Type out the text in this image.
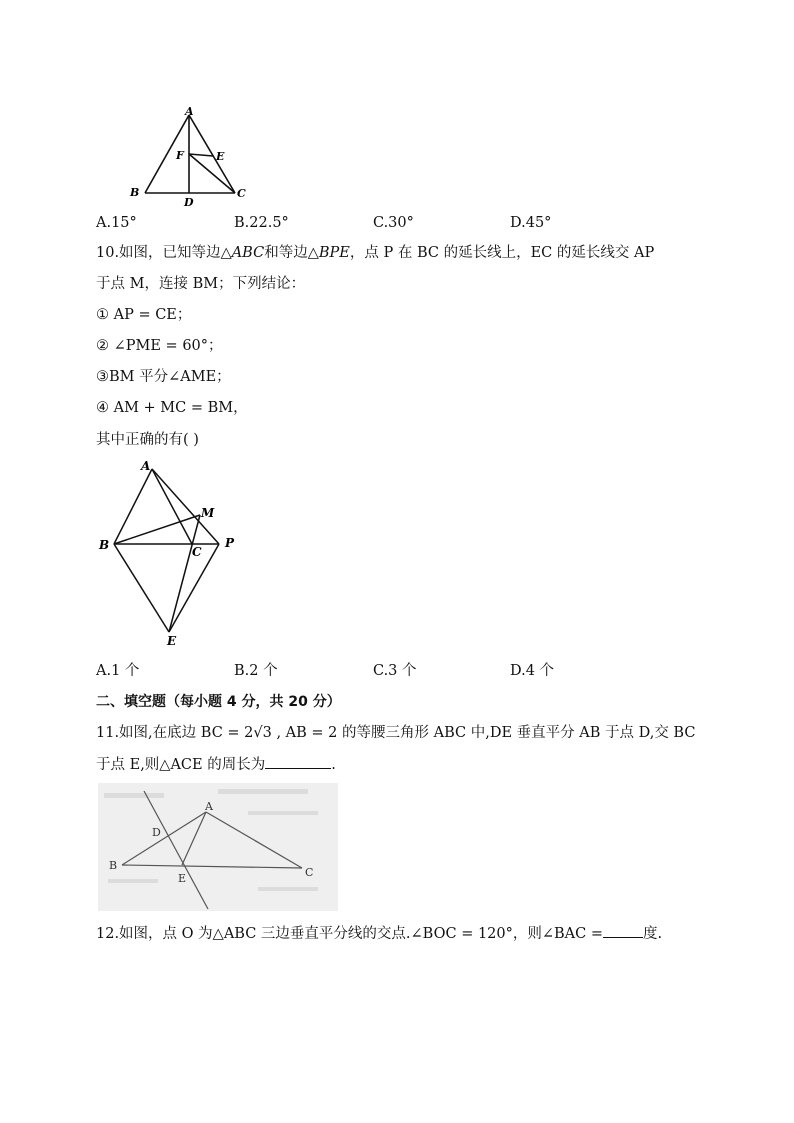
A
B	C
D
E
F
A.15°	B.22.5°	C.30°	D.45°
10.如图，已知等边△ABC和等边△BPE，点 P 在 BC 的延长线上，EC 的延长线交 AP
于点 M，连接 BM；下列结论：
① AP = CE；
② ∠PME = 60°；
③BM 平分∠AME；
④ AM + MC = BM，
其中正确的有( )
A
M
B	C
P
E
A.1 个	B.2 个	C.3 个	D.4 个
二、填空题（每小题 4 分，共 20 分）
11.如图,在底边 BC = 2√3 , AB = 2 的等腰三角形 ABC 中,DE 垂直平分 AB 于点 D,交 BC
于点 E,则△ACE 的周长为	.
A
D
B
E	C
12.如图，点 O 为△ABC 三边垂直平分线的交点.∠BOC = 120°，则∠BAC =	度.
